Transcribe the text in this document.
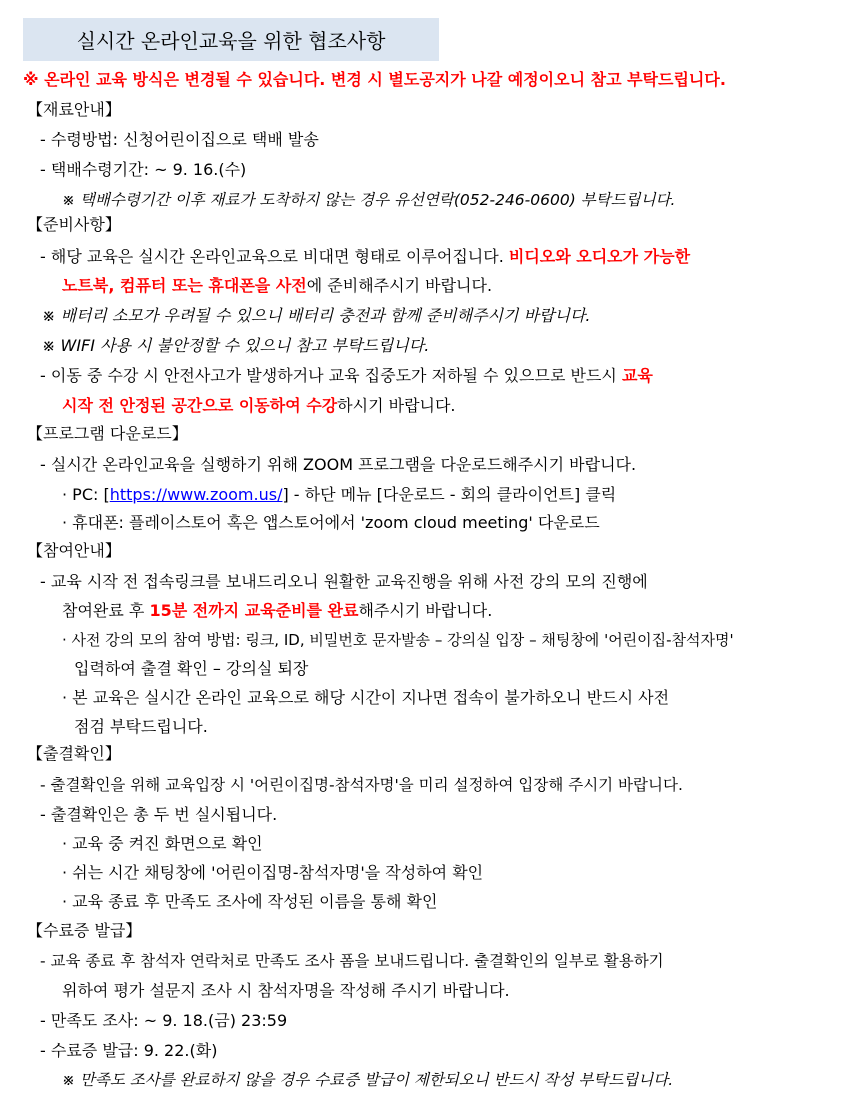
실시간 온라인교육을 위한 협조사항
※ 온라인 교육 방식은 변경될 수 있습니다. 변경 시 별도공지가 나갈 예정이오니 참고 부탁드립니다.
【재료안내】
- 수령방법: 신청어린이집으로 택배 발송
- 택배수령기간: ~ 9. 16.(수)
※ 택배수령기간 이후 재료가 도착하지 않는 경우 유선연락(052-246-0600) 부탁드립니다.
【준비사항】
- 해당 교육은 실시간 온라인교육으로 비대면 형태로 이루어집니다. 비디오와 오디오가 가능한
노트북, 컴퓨터 또는 휴대폰을 사전에 준비해주시기 바랍니다.
※ 배터리 소모가 우려될 수 있으니 배터리 충전과 함께 준비해주시기 바랍니다.
※ WIFI 사용 시 불안정할 수 있으니 참고 부탁드립니다.
- 이동 중 수강 시 안전사고가 발생하거나 교육 집중도가 저하될 수 있으므로 반드시 교육
시작 전 안정된 공간으로 이동하여 수강하시기 바랍니다.
【프로그램 다운로드】
- 실시간 온라인교육을 실행하기 위해 ZOOM 프로그램을 다운로드해주시기 바랍니다.
· PC: [https://www.zoom.us/] - 하단 메뉴 [다운로드 - 회의 클라이언트] 클릭
· 휴대폰: 플레이스토어 혹은 앱스토어에서 'zoom cloud meeting' 다운로드
【참여안내】
- 교육 시작 전 접속링크를 보내드리오니 원활한 교육진행을 위해 사전 강의 모의 진행에
참여완료 후 15분 전까지 교육준비를 완료해주시기 바랍니다.
· 사전 강의 모의 참여 방법: 링크, ID, 비밀번호 문자발송 – 강의실 입장 – 채팅창에 '어린이집-참석자명'
입력하여 출결 확인 – 강의실 퇴장
· 본 교육은 실시간 온라인 교육으로 해당 시간이 지나면 접속이 불가하오니 반드시 사전
점검 부탁드립니다.
【출결확인】
- 출결확인을 위해 교육입장 시 '어린이집명-참석자명'을 미리 설정하여 입장해 주시기 바랍니다.
- 출결확인은 총 두 번 실시됩니다.
· 교육 중 켜진 화면으로 확인
· 쉬는 시간 채팅창에 '어린이집명-참석자명'을 작성하여 확인
· 교육 종료 후 만족도 조사에 작성된 이름을 통해 확인
【수료증 발급】
- 교육 종료 후 참석자 연락처로 만족도 조사 폼을 보내드립니다. 출결확인의 일부로 활용하기
위하여 평가 설문지 조사 시 참석자명을 작성해 주시기 바랍니다.
- 만족도 조사: ~ 9. 18.(금) 23:59
- 수료증 발급: 9. 22.(화)
※ 만족도 조사를 완료하지 않을 경우 수료증 발급이 제한되오니 반드시 작성 부탁드립니다.
